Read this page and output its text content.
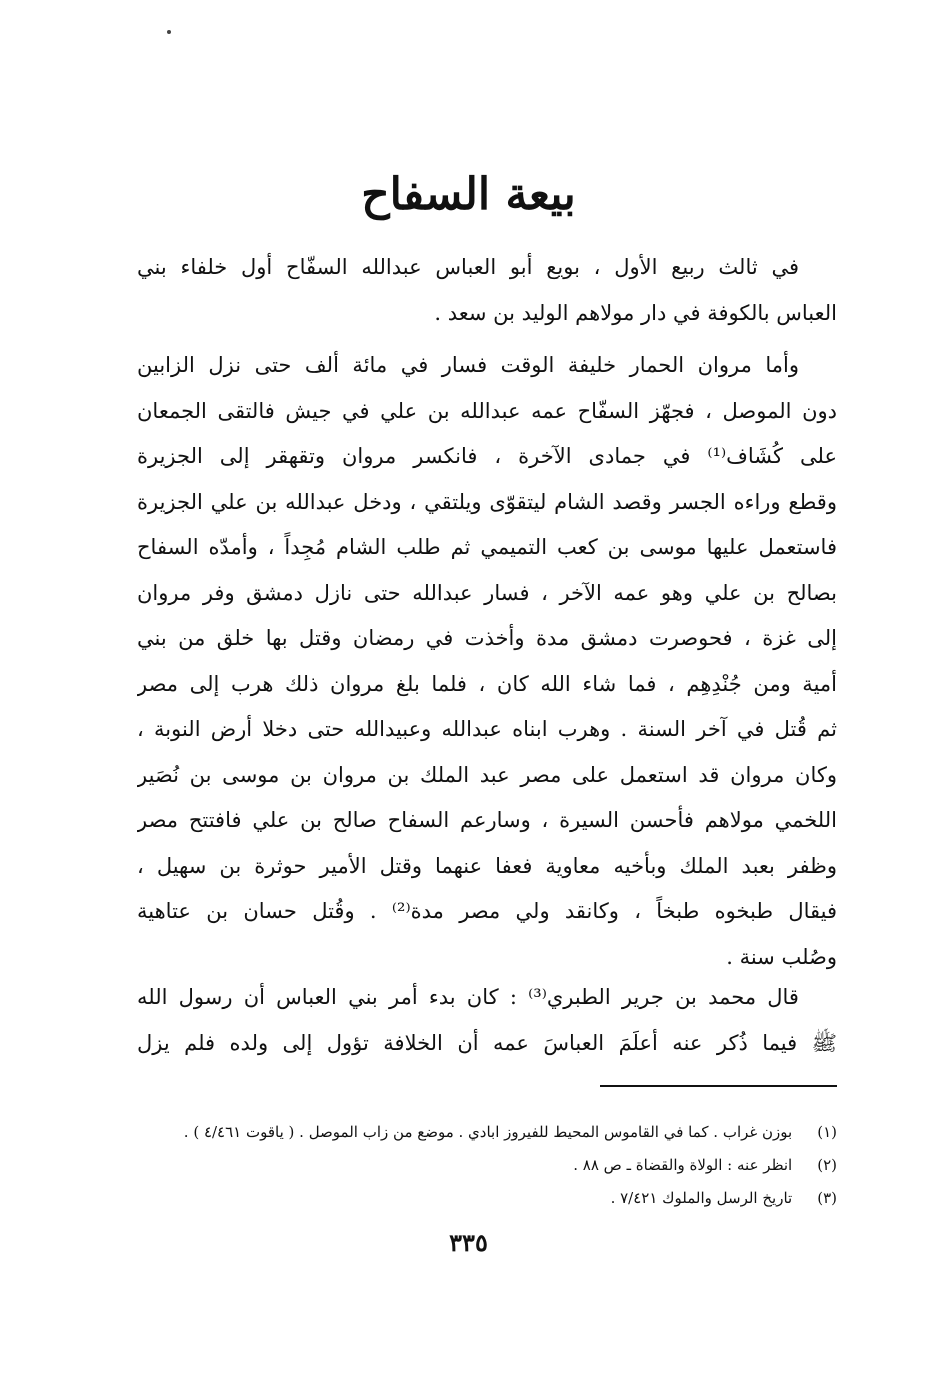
بيعة السفاح
في ثالث ربيع الأول ، بويع أبو العباس عبدالله السفّاح أول خلفاء بني
العباس بالكوفة في دار مولاهم الوليد بن سعد .
وأما مروان الحمار خليفة الوقت فسار في مائة ألف حتى نزل الزابين
دون الموصل ، فجهّز السفّاح عمه عبدالله بن علي في جيش فالتقى الجمعان
على كُشَاف⁽¹⁾ في جمادى الآخرة ، فانكسر مروان وتقهقر إلى الجزيرة
وقطع وراءه الجسر وقصد الشام ليتقوّى ويلتقي ، ودخل عبدالله بن علي الجزيرة
فاستعمل عليها موسى بن كعب التميمي ثم طلب الشام مُجِداً ، وأمدّه السفاح
بصالح بن علي وهو عمه الآخر ، فسار عبدالله حتى نازل دمشق وفر مروان
إلى غزة ، فحوصرت دمشق مدة وأخذت في رمضان وقتل بها خلق من بني
أمية ومن جُنْدِهِم ، فما شاء الله كان ، فلما بلغ مروان ذلك هرب إلى مصر
ثم قُتل في آخر السنة . وهرب ابناه عبدالله وعبيدالله حتى دخلا أرض النوبة ،
وكان مروان قد استعمل على مصر عبد الملك بن مروان بن موسى بن نُصَير
اللخمي مولاهم فأحسن السيرة ، وسارعم السفاح صالح بن علي فافتتح مصر
وظفر بعبد الملك وبأخيه معاوية فعفا عنهما وقتل الأمير حوثرة بن سهيل ،
فيقال طبخوه طبخاً ، وكانقد ولي مصر مدة⁽²⁾ . وقُتل حسان بن عتاهية
وصُلب سنة .
قال محمد بن جرير الطبري⁽³⁾ : كان بدء أمر بني العباس أن رسول الله
ﷺ فيما ذُكر عنه أعلَمَ العباسَ عمه أن الخلافة تؤول إلى ولده فلم يزل
(١) بوزن غراب . كما في القاموس المحيط للفيروز ابادي . موضع من زاب الموصل . ( ياقوت ٤/٤٦١ ) .
(٢) انظر عنه : الولاة والقضاة ـ ص ٨٨ .
(٣) تاريخ الرسل والملوك ٧/٤٢١ .
٣٣٥
